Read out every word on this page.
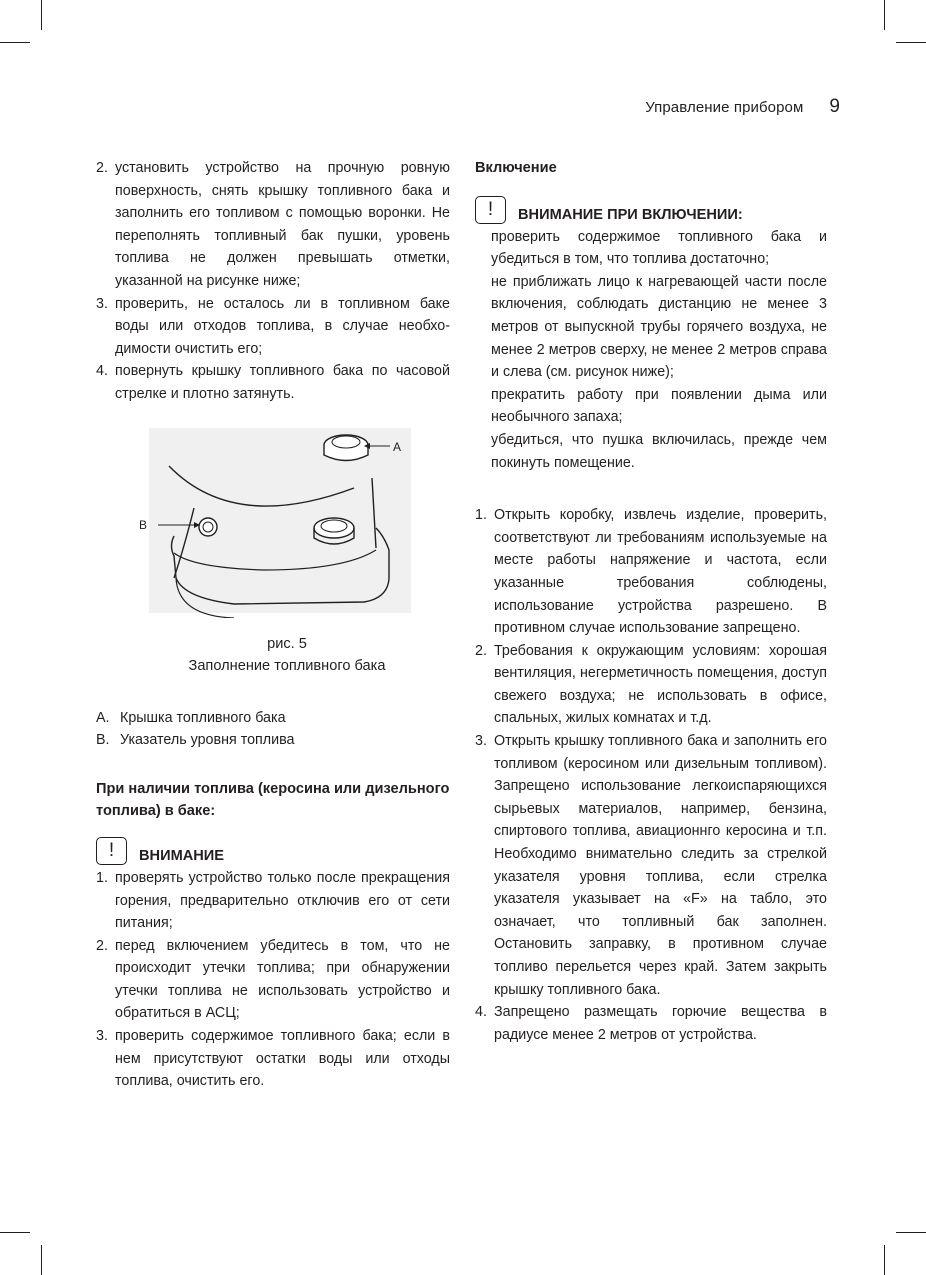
Управление прибором 9
2. установить устройство на прочную ровную поверхность, снять крышку топливного бака и заполнить его топливом с помощью воронки. Не переполнять топливный бак пушки, уровень топлива не должен превышать отметки, указанной на рисунке ниже;
3. проверить, не осталось ли в топливном баке воды или отходов топлива, в случае необходимости очистить его;
4. повернуть крышку топливного бака по часовой стрелке и плотно затянуть.
A
B
рис. 5
Заполнение топливного бака
A. Крышка топливного бака
B. Указатель уровня топлива
При наличии топлива (керосина или дизельного топлива) в баке:
!	ВНИМАНИЕ
1. проверять устройство только после прекращения горения, предварительно отключив его от сети питания;
2. перед включением убедитесь в том, что не происходит утечки топлива; при обнаружении утечки топлива не использовать устройство и обратиться в АСЦ;
3. проверить содержимое топливного бака; если в нем присутствуют остатки воды или отходы топлива, очистить его.
Включение
!	ВНИМАНИЕ ПРИ ВКЛЮЧЕНИИ:
проверить содержимое топливного бака и убедиться в том, что топлива достаточно;
не приближать лицо к нагревающей части после включения, соблюдать дистанцию не менее 3 метров от выпускной трубы горячего воздуха, не менее 2 метров сверху, не менее 2 метров справа и слева (см. рисунок ниже);
прекратить работу при появлении дыма или необычного запаха;
убедиться, что пушка включилась, прежде чем покинуть помещение.
1. Открыть коробку, извлечь изделие, проверить, соответствуют ли требованиям используемые на месте работы напряжение и частота, если указанные требования соблюдены, использование устройства разрешено. В противном случае использование запрещено.
2. Требования к окружающим условиям: хорошая вентиляция, негерметичность помещения, доступ свежего воздуха; не использовать в офисе, спальных, жилых комнатах и т.д.
3. Открыть крышку топливного бака и заполнить его топливом (керосином или дизельным топливом). Запрещено использование легкоиспаряющихся сырьевых материалов, например, бензина, спиртового топлива, авиационнго керосина и т.п. Необходимо внимательно следить за стрелкой указателя уровня топлива, если стрелка указателя указывает на «F» на табло, это означает, что топливный бак заполнен. Остановить заправку, в противном случае топливо перельется через край. Затем закрыть крышку топливного бака.
4. Запрещено размещать горючие вещества в радиусе менее 2 метров от устройства.
